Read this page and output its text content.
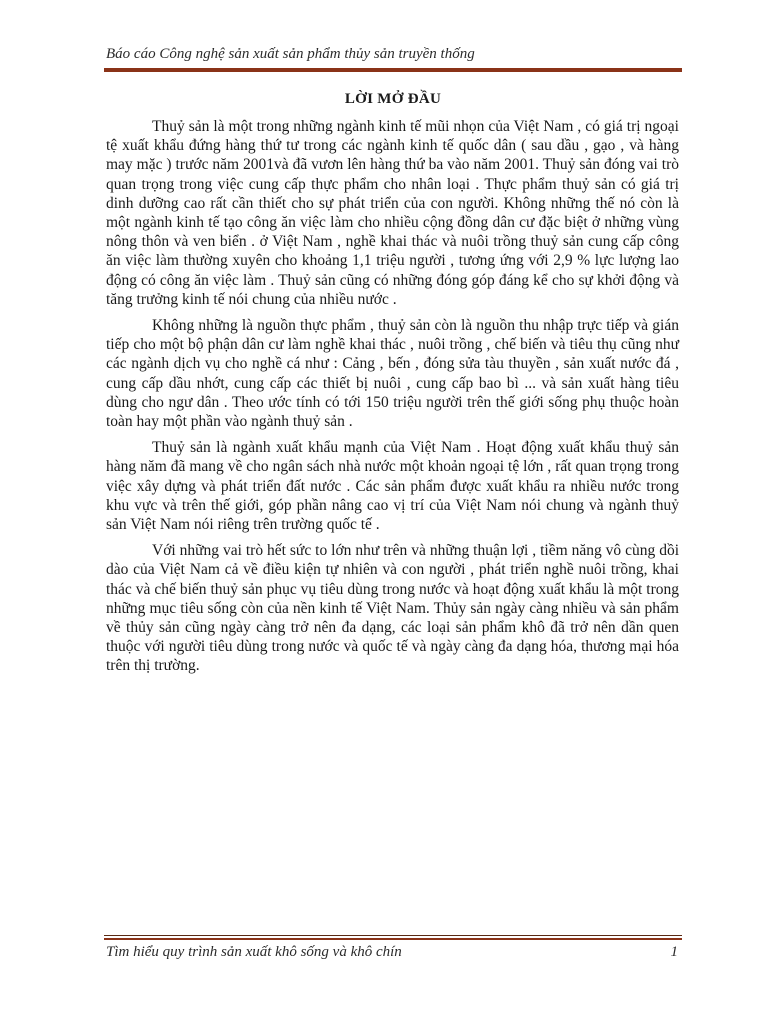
Báo cáo Công nghệ sản xuất sản phẩm thủy sản truyền thống
LỜI MỞ ĐẦU

Thuỷ sản là một trong những ngành kinh tế mũi nhọn của Việt Nam , có giá trị ngoại tệ xuất khẩu đứng hàng thứ tư trong các ngành kinh tế quốc dân ( sau dầu , gạo , và hàng may mặc ) trước năm 2001và đã vươn lên hàng thứ ba vào năm 2001. Thuỷ sản đóng vai trò quan trọng trong việc cung cấp thực phẩm cho nhân loại . Thực phẩm thuỷ sản có giá trị dinh dưỡng cao rất cần thiết cho sự phát triển của con người. Không những thế nó còn là một ngành kinh tế tạo công ăn việc làm cho nhiều cộng đồng dân cư đặc biệt ở những vùng nông thôn và ven biển . ở Việt Nam , nghề khai thác và nuôi trồng thuỷ sản cung cấp công ăn việc làm thường xuyên cho khoảng 1,1 triệu người , tương ứng với 2,9 % lực lượng lao động có công ăn việc làm . Thuỷ sản cũng có những đóng góp đáng kể cho sự khởi động và tăng trưởng kinh tế nói chung của nhiều nước .

Không những là nguồn thực phẩm , thuỷ sản còn là nguồn thu nhập trực tiếp và gián tiếp cho một bộ phận dân cư làm nghề khai thác , nuôi trồng , chế biến và tiêu thụ cũng như các ngành dịch vụ cho nghề cá như : Cảng , bến , đóng sửa tàu thuyền , sản xuất nước đá , cung cấp dầu nhớt, cung cấp các thiết bị nuôi , cung cấp bao bì ... và sản xuất hàng tiêu dùng cho ngư dân . Theo ước tính có tới 150 triệu người trên thế giới sống phụ thuộc hoàn toàn hay một phần vào ngành thuỷ sản .

Thuỷ sản là ngành xuất khẩu mạnh của Việt Nam . Hoạt động xuất khẩu thuỷ sản hàng năm đã mang về cho ngân sách nhà nước một khoản ngoại tệ lớn , rất quan trọng trong việc xây dựng và phát triển đất nước . Các sản phẩm được xuất khẩu ra nhiều nước trong khu vực và trên thế giới, góp phần nâng cao vị trí của Việt Nam nói chung và ngành thuỷ sản Việt Nam nói riêng trên trường quốc tế .

Với những vai trò hết sức to lớn như trên và những thuận lợi , tiềm năng vô cùng dồi dào của Việt Nam cả về điều kiện tự nhiên và con người , phát triển nghề nuôi trồng, khai thác và chế biến thuỷ sản phục vụ tiêu dùng trong nước và hoạt động xuất khẩu là một trong những mục tiêu sống còn của nền kinh tế Việt Nam. Thủy sản ngày càng nhiều và sản phẩm về thủy sản cũng ngày càng trở nên đa dạng, các loại sản phẩm khô đã trở nên dần quen thuộc với người tiêu dùng trong nước và quốc tế và ngày càng đa dạng hóa, thương mại hóa trên thị trường.

Tìm hiểu quy trình sản xuất khô sống và khô chín	1
